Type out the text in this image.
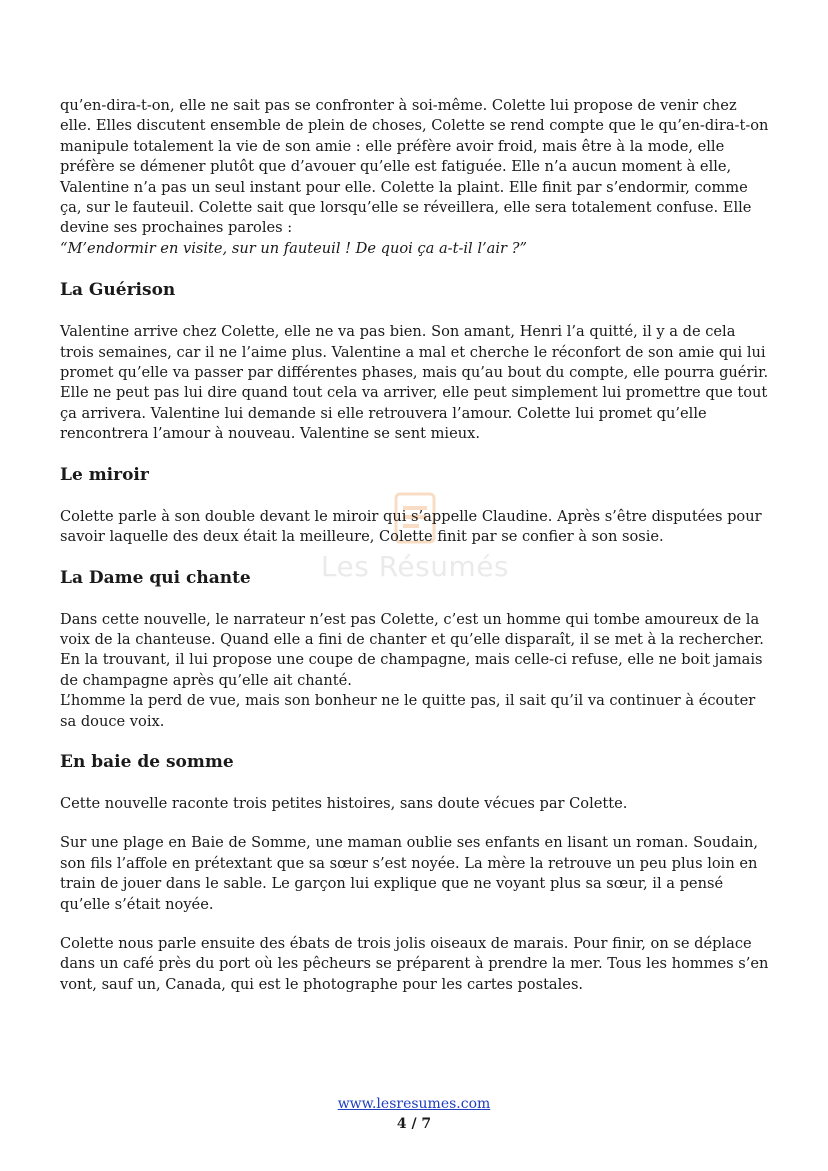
Les Résumés

qu’en-dira-t-on, elle ne sait pas se confronter à soi-même. Colette lui propose de venir chez elle. Elles discutent ensemble de plein de choses, Colette se rend compte que le qu’en-dira-t-on manipule totalement la vie de son amie : elle préfère avoir froid, mais être à la mode, elle préfère se démener plutôt que d’avouer qu’elle est fatiguée. Elle n’a aucun moment à elle, Valentine n’a pas un seul instant pour elle. Colette la plaint. Elle finit par s’endormir, comme ça, sur le fauteuil. Colette sait que lorsqu’elle se réveillera, elle sera totalement confuse. Elle devine ses prochaines paroles :
“M’endormir en visite, sur un fauteuil ! De quoi ça a-t-il l’air ?”

La Guérison

Valentine arrive chez Colette, elle ne va pas bien. Son amant, Henri l’a quitté, il y a de cela trois semaines, car il ne l’aime plus. Valentine a mal et cherche le réconfort de son amie qui lui promet qu’elle va passer par différentes phases, mais qu’au bout du compte, elle pourra guérir. Elle ne peut pas lui dire quand tout cela va arriver, elle peut simplement lui promettre que tout ça arrivera. Valentine lui demande si elle retrouvera l’amour. Colette lui promet qu’elle rencontrera l’amour à nouveau. Valentine se sent mieux.

Le miroir

Colette parle à son double devant le miroir qui s’appelle Claudine. Après s’être disputées pour savoir laquelle des deux était la meilleure, Colette finit par se confier à son sosie.

La Dame qui chante

Dans cette nouvelle, le narrateur n’est pas Colette, c’est un homme qui tombe amoureux de la voix de la chanteuse. Quand elle a fini de chanter et qu’elle disparaît, il se met à la rechercher. En la trouvant, il lui propose une coupe de champagne, mais celle-ci refuse, elle ne boit jamais de champagne après qu’elle ait chanté.

L’homme la perd de vue, mais son bonheur ne le quitte pas, il sait qu’il va continuer à écouter sa douce voix.

En baie de somme

Cette nouvelle raconte trois petites histoires, sans doute vécues par Colette.

Sur une plage en Baie de Somme, une maman oublie ses enfants en lisant un roman. Soudain, son fils l’affole en prétextant que sa sœur s’est noyée. La mère la retrouve un peu plus loin en train de jouer dans le sable. Le garçon lui explique que ne voyant plus sa sœur, il a pensé qu’elle s’était noyée.

Colette nous parle ensuite des ébats de trois jolis oiseaux de marais. Pour finir, on se déplace dans un café près du port où les pêcheurs se préparent à prendre la mer. Tous les hommes s’en vont, sauf un, Canada, qui est le photographe pour les cartes postales.

www.lesresumes.com
4 / 7
